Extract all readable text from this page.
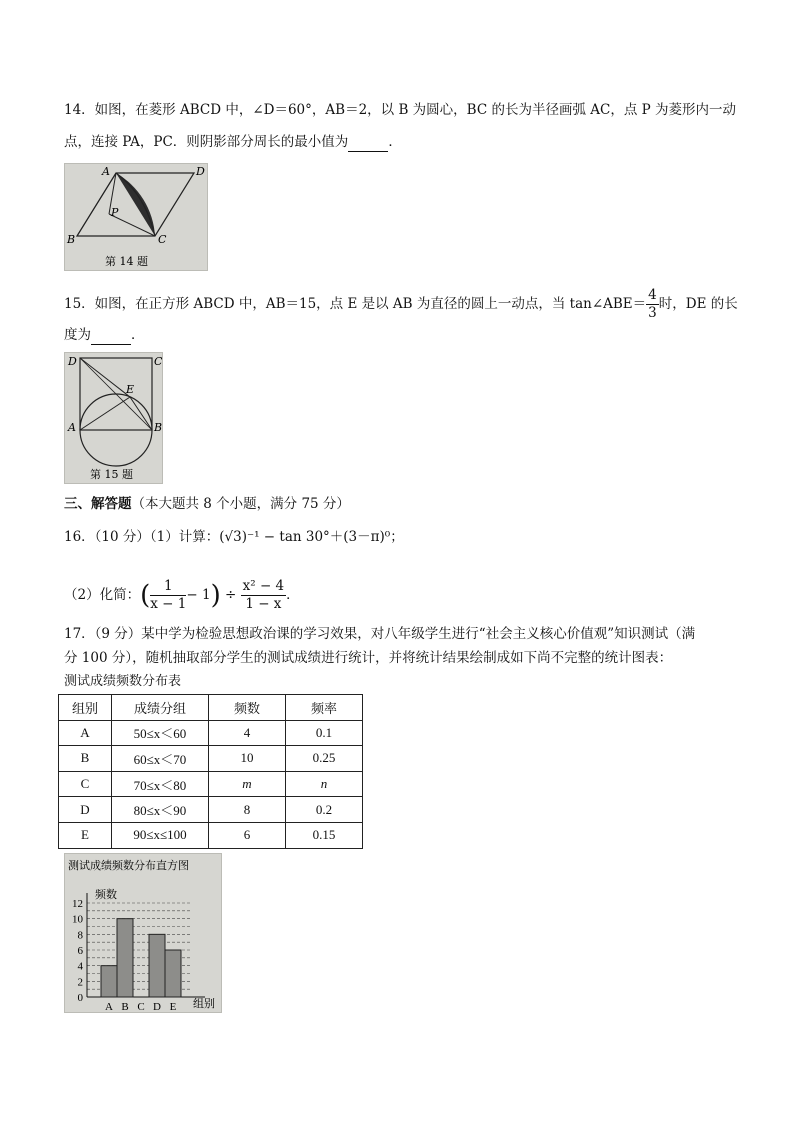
14．如图，在菱形 ABCD 中，∠D＝60°，AB＝2，以 B 为圆心，BC 的长为半径画弧 AC，点 P 为菱形内一动
点，连接 PA，PC．则阴影部分周长的最小值为	．
A	D
B	C
P
第 14 题
15．如图，在正方形 ABCD 中，AB＝15，点 E 是以 AB 为直径的圆上一动点，当 tan∠ABE＝ $\frac{4}{3}$ 时，DE 的长
度为	．
D	C
A	B
E
第 15 题
三、解答题（本大题共 8 个小题，满分 75 分）
16．（10 分）（1）计算：(√3)⁻¹ − tan 30°＋(3－π)⁰；
（2）化简：( $\frac{1}{x - 1} - 1) \div \frac{\text{x² − 4}}{1 - x}$ ．
17．（9 分）某中学为检验思想政治课的学习效果，对八年级学生进行“社会主义核心价值观”知识测试（满
分 100 分），随机抽取部分学生的测试成绩进行统计，并将统计结果绘制成如下尚不完整的统计图表：
测试成绩频数分布表
组别	成绩分组	频数	频率
A	50≤x＜60	4	0.1
B	60≤x＜70	10	0.25
C	70≤x＜80	m	n
D	80≤x＜90	8	0.2
E	90≤x≤100	6	0.15
测试成绩频数分布直方图
频数
组别
2
4
6
8
10
12
0
A B C D E
